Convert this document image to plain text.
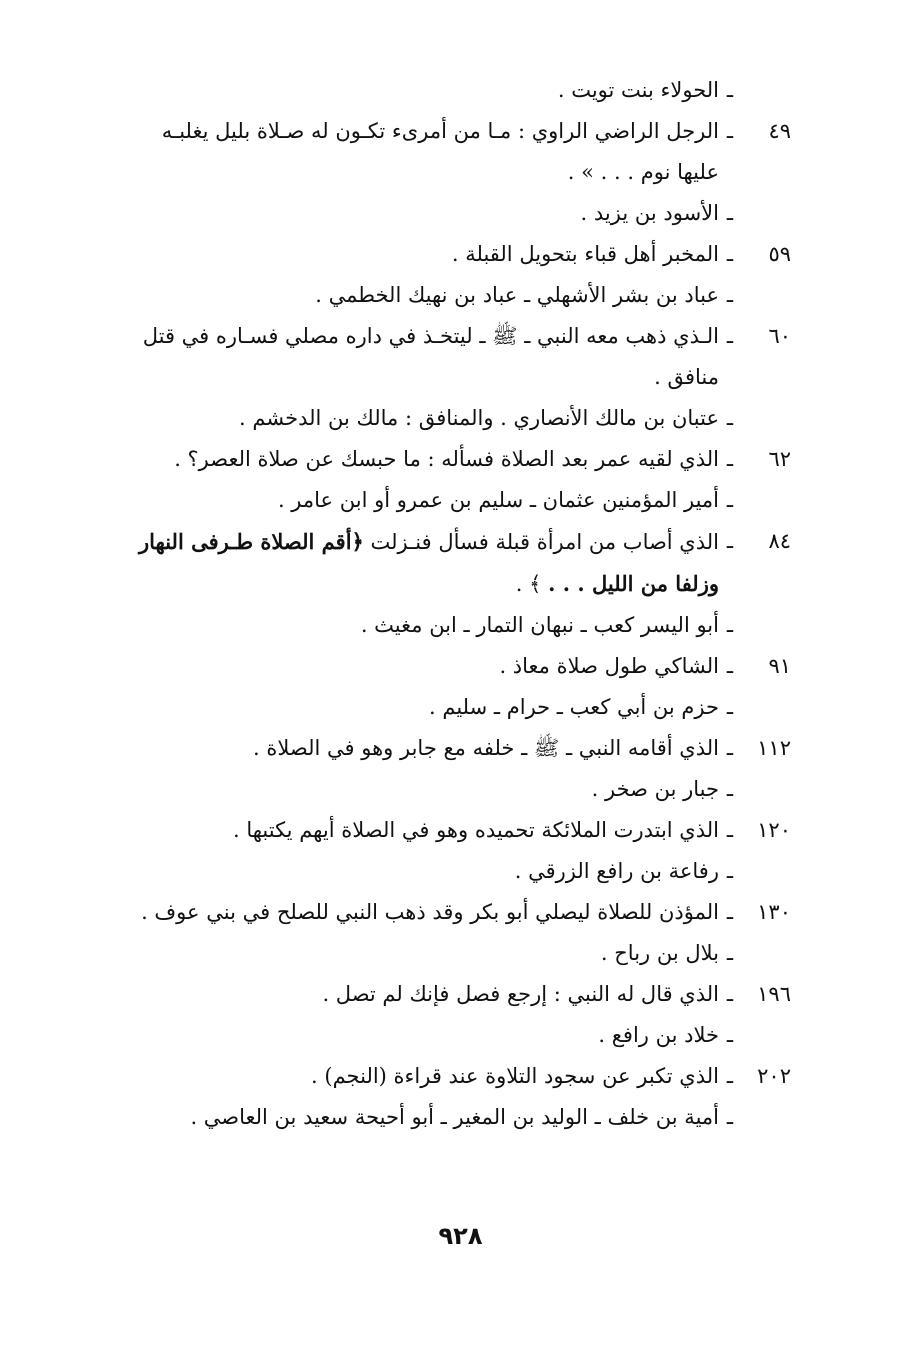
ـ
الحولاء بنت تويت .
٤٩
ـ
الرجل الراضي الراوي : مـا من أمرىء تكـون له صـلاة بليل يغلبـه
عليها نوم . . . » .
ـ
الأسود بن يزيد .
٥٩
ـ
المخبر أهل قباء بتحويل القبلة .
ـ
عباد بن بشر الأشهلي ـ عباد بن نهيك الخطمي .
٦٠
ـ
الـذي ذهب معه النبي ـ ﷺ ـ ليتخـذ في داره مصلي فسـاره في قتل
منافق .
ـ
عتبان بن مالك الأنصاري . والمنافق : مالك بن الدخشم .
٦٢
ـ
الذي لقيه عمر بعد الصلاة فسأله : ما حبسك عن صلاة العصر؟ .
ـ
أمير المؤمنين عثمان ـ سليم بن عمرو أو ابن عامر .
٨٤
ـ
الذي أصاب من امرأة قبلة فسأل فنـزلت ﴿أقم الصلاة طـرفى النهار
وزلفا من الليل . . . ﴾ .
ـ
أبو اليسر كعب ـ نبهان التمار ـ ابن مغيث .
٩١
ـ
الشاكي طول صلاة معاذ .
ـ
حزم بن أبي كعب ـ حرام ـ سليم .
١١٢
ـ
الذي أقامه النبي ـ ﷺ ـ خلفه مع جابر وهو في الصلاة .
ـ
جبار بن صخر .
١٢٠
ـ
الذي ابتدرت الملائكة تحميده وهو في الصلاة أيهم يكتبها .
ـ
رفاعة بن رافع الزرقي .
١٣٠
ـ
المؤذن للصلاة ليصلي أبو بكر وقد ذهب النبي للصلح في بني عوف .
ـ
بلال بن رباح .
١٩٦
ـ
الذي قال له النبي : إرجع فصل فإنك لم تصل .
ـ
خلاد بن رافع .
٢٠٢
ـ
الذي تكبر عن سجود التلاوة عند قراءة (النجم) .
ـ
أمية بن خلف ـ الوليد بن المغير ـ أبو أحيحة سعيد بن العاصي .
٩٢٨
